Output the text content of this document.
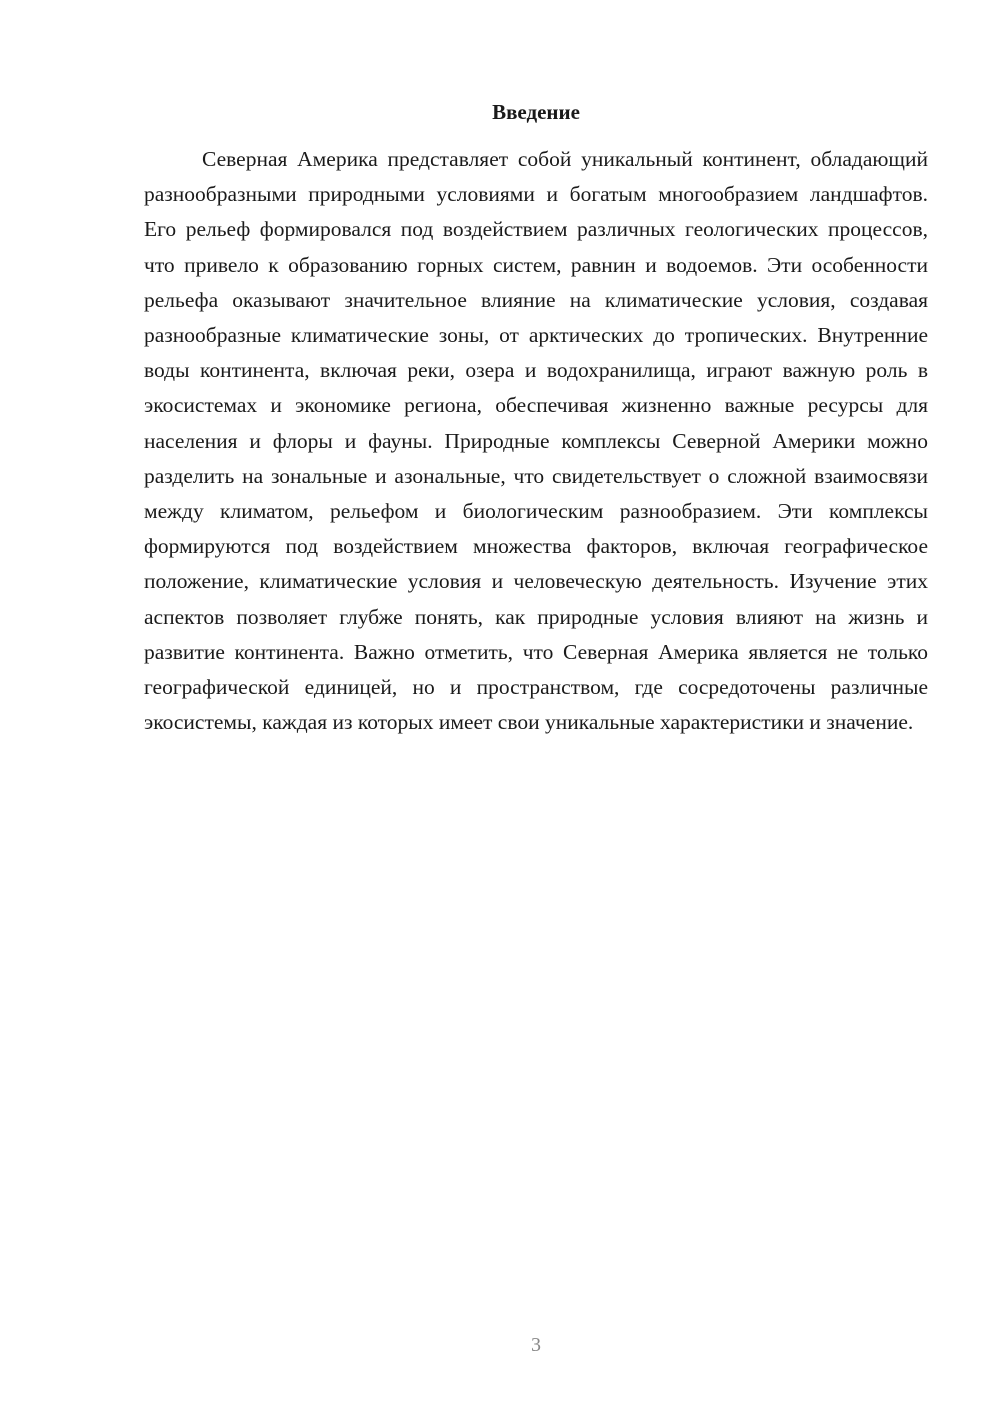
Введение

Северная Америка представляет собой уникальный континент, обладающий разнообразными природными условиями и богатым многообразием ландшафтов. Его рельеф формировался под воздействием различных геологических процессов, что привело к образованию горных систем, равнин и водоемов. Эти особенности рельефа оказывают значительное влияние на климатические условия, создавая разнообразные климатические зоны, от арктических до тропических. Внутренние воды континента, включая реки, озера и водохранилища, играют важную роль в экосистемах и экономике региона, обеспечивая жизненно важные ресурсы для населения и флоры и фауны. Природные комплексы Северной Америки можно разделить на зональные и азональные, что свидетельствует о сложной взаимосвязи между климатом, рельефом и биологическим разнообразием. Эти комплексы формируются под воздействием множества факторов, включая географическое положение, климатические условия и человеческую деятельность. Изучение этих аспектов позволяет глубже понять, как природные условия влияют на жизнь и развитие континента. Важно отметить, что Северная Америка является не только географической единицей, но и пространством, где сосредоточены различные экосистемы, каждая из которых имеет свои уникальные характеристики и значение.

3
